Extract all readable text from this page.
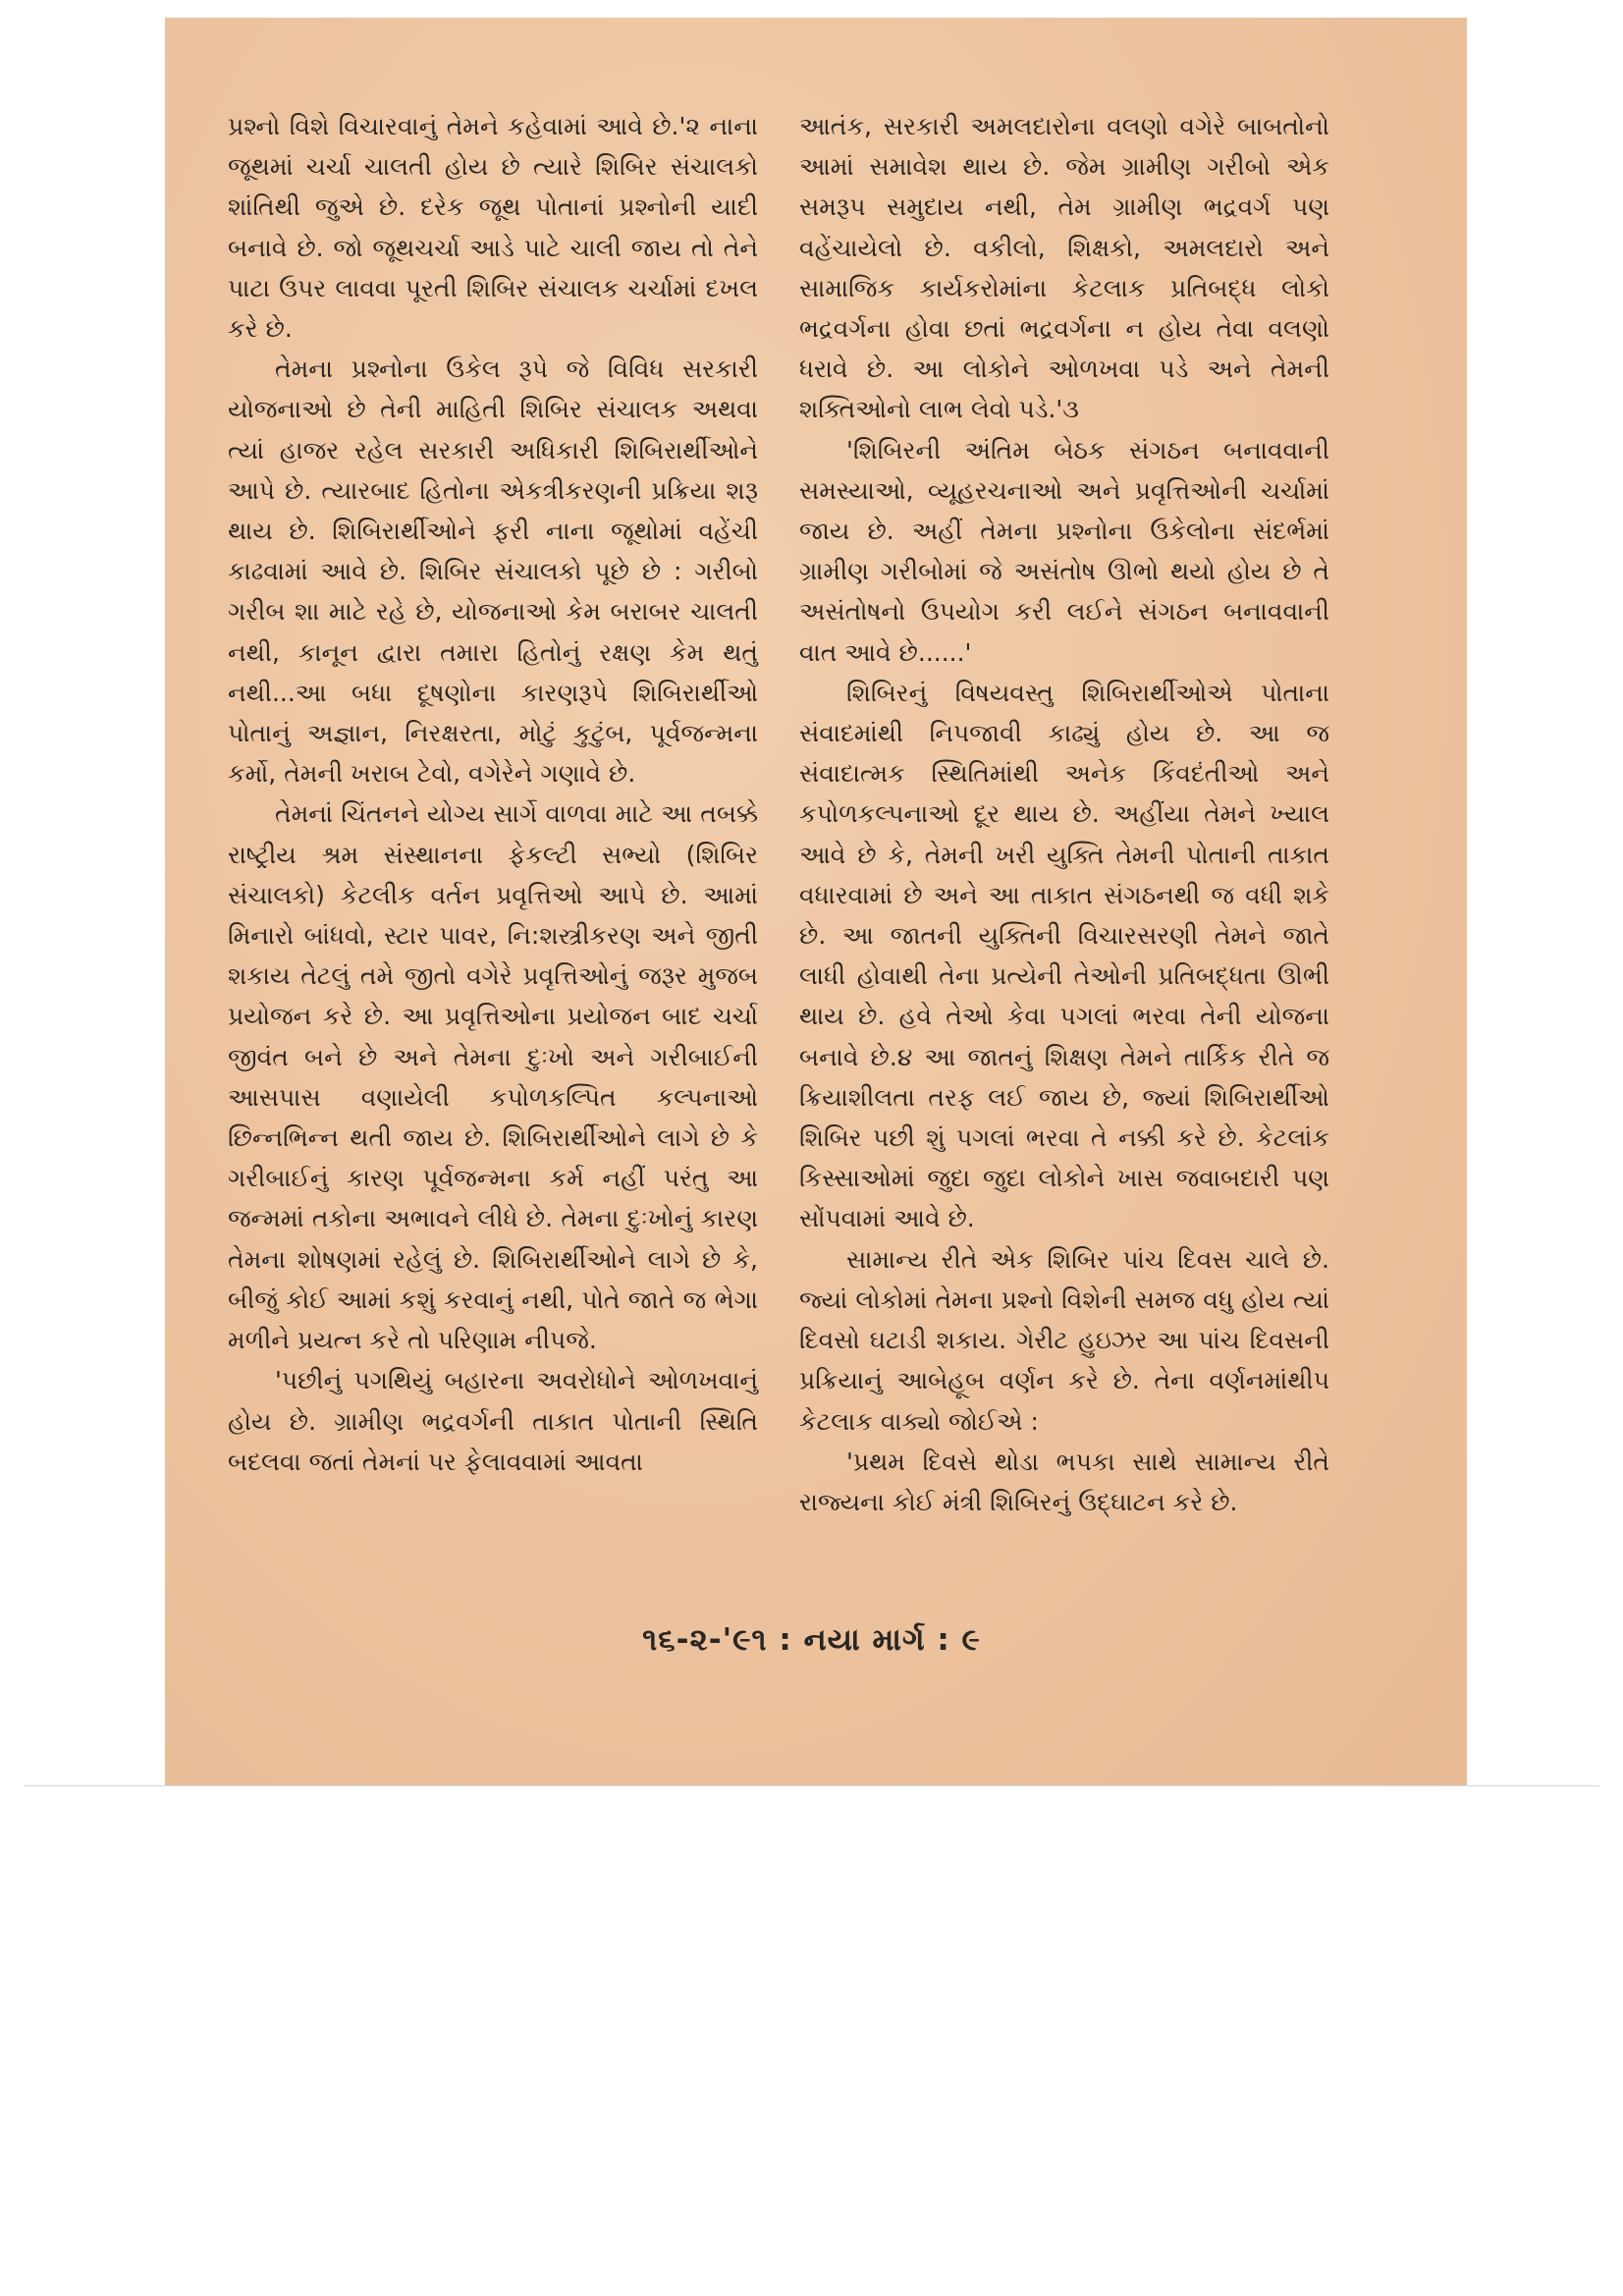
પ્રશ્નો વિશે વિચારવાનું તેમને કહેવામાં આવે છે.'૨ નાના જૂથમાં ચર્ચા ચાલતી હોય છે ત્યારે શિબિર સંચાલકો શાંતિથી જુએ છે. દરેક જૂથ પોતાનાં પ્રશ્નોની યાદી બનાવે છે. જો જૂથચર્ચા આડે પાટે ચાલી જાય તો તેને પાટા ઉપર લાવવા પૂરતી શિબિર સંચાલક ચર્ચામાં દખલ કરે છે.

તેમના પ્રશ્નોના ઉકેલ રૂપે જે વિવિધ સરકારી યોજનાઓ છે તેની માહિતી શિબિર સંચાલક અથવા ત્યાં હાજર રહેલ સરકારી અધિકારી શિબિરાર્થીઓને આપે છે. ત્યારબાદ હિતોના એકત્રીકરણની પ્રક્રિયા શરૂ થાય છે. શિબિરાર્થીઓને ફરી નાના જૂથોમાં વહેંચી કાઢવામાં આવે છે. શિબિર સંચાલકો પૂછે છે : ગરીબો ગરીબ શા માટે રહે છે, યોજનાઓ કેમ બરાબર ચાલતી નથી, કાનૂન દ્વારા તમારા હિતોનું રક્ષણ કેમ થતું નથી...આ બધા દૂષણોના કારણરૂપે શિબિરાર્થીઓ પોતાનું અજ્ઞાન, નિરક્ષરતા, મોટું કુટુંબ, પૂર્વજન્મના કર્મો, તેમની ખરાબ ટેવો, વગેરેને ગણાવે છે.

તેમનાં ચિંતનને યોગ્ય સાર્ગે વાળવા માટે આ તબક્કે રાષ્ટ્રીય શ્રમ સંસ્થાનના ફેકલ્ટી સભ્યો (શિબિર સંચાલકો) કેટલીક વર્તન પ્રવૃત્તિઓ આપે છે. આમાં મિનારો બાંધવો, સ્ટાર પાવર, નિ:શસ્ત્રીકરણ અને જીતી શકાય તેટલું તમે જીતો વગેરે પ્રવૃત્તિઓનું જરૂર મુજબ પ્રયોજન કરે છે. આ પ્રવૃત્તિઓના પ્રયોજન બાદ ચર્ચા જીવંત બને છે અને તેમના દુઃખો અને ગરીબાઈની આસપાસ વણાયેલી કપોળકલ્પિત કલ્પનાઓ છિન્નભિન્ન થતી જાય છે. શિબિરાર્થીઓને લાગે છે કે ગરીબાઈનું કારણ પૂર્વજન્મના કર્મ નહીં પરંતુ આ જન્મમાં તકોના અભાવને લીધે છે. તેમના દુઃખોનું કારણ તેમના શોષણમાં રહેલું છે. શિબિરાર્થીઓને લાગે છે કે, બીજું કોઈ આમાં કશું કરવાનું નથી, પોતે જાતે જ ભેગા મળીને પ્રયત્ન કરે તો પરિણામ નીપજે.

'પછીનું પગથિયું બહારના અવરોધોને ઓળખવાનું હોય છે. ગ્રામીણ ભદ્રવર્ગની તાકાત પોતાની સ્થિતિ બદલવા જતાં તેમનાં પર ફેલાવવામાં આવતા

આતંક, સરકારી અમલદારોના વલણો વગેરે બાબતોનો આમાં સમાવેશ થાય છે. જેમ ગ્રામીણ ગરીબો એક સમરૂપ સમુદાય નથી, તેમ ગ્રામીણ ભદ્રવર્ગ પણ વહેંચાયેલો છે. વકીલો, શિક્ષકો, અમલદારો અને સામાજિક કાર્યકરોમાંના કેટલાક પ્રતિબદ્ધ લોકો ભદ્રવર્ગના હોવા છતાં ભદ્રવર્ગના ન હોય તેવા વલણો ધરાવે છે. આ લોકોને ઓળખવા પડે અને તેમની શક્તિઓનો લાભ લેવો પડે.'૩

'શિબિરની અંતિમ બેઠક સંગઠન બનાવવાની સમસ્યાઓ, વ્યૂહરચનાઓ અને પ્રવૃત્તિઓની ચર્ચામાં જાય છે. અહીં તેમના પ્રશ્નોના ઉકેલોના સંદર્ભમાં ગ્રામીણ ગરીબોમાં જે અસંતોષ ઊભો થયો હોય છે તે અસંતોષનો ઉપયોગ કરી લઈને સંગઠન બનાવવાની વાત આવે છે......'

શિબિરનું વિષયવસ્તુ શિબિરાર્થીઓએ પોતાના સંવાદમાંથી નિપજાવી કાઢ્યું હોય છે. આ જ સંવાદાત્મક સ્થિતિમાંથી અનેક કિંવદંતીઓ અને કપોળકલ્પનાઓ દૂર થાય છે. અહીંયા તેમને ખ્યાલ આવે છે કે, તેમની ખરી યુક્તિ તેમની પોતાની તાકાત વધારવામાં છે અને આ તાકાત સંગઠનથી જ વધી શકે છે. આ જાતની યુક્તિની વિચારસરણી તેમને જાતે લાધી હોવાથી તેના પ્રત્યેની તેઓની પ્રતિબદ્ધતા ઊભી થાય છે. હવે તેઓ કેવા પગલાં ભરવા તેની યોજના બનાવે છે.૪ આ જાતનું શિક્ષણ તેમને તાર્કિક રીતે જ ક્રિયાશીલતા તરફ લઈ જાય છે, જ્યાં શિબિરાર્થીઓ શિબિર પછી શું પગલાં ભરવા તે નક્કી કરે છે. કેટલાંક કિસ્સાઓમાં જુદા જુદા લોકોને ખાસ જવાબદારી પણ સોંપવામાં આવે છે.

સામાન્ય રીતે એક શિબિર પાંચ દિવસ ચાલે છે. જ્યાં લોકોમાં તેમના પ્રશ્નો વિશેની સમજ વધુ હોય ત્યાં દિવસો ઘટાડી શકાય. ગેરીટ હુઇઝર આ પાંચ દિવસની પ્રક્રિયાનું આબેહૂબ વર્ણન કરે છે. તેના વર્ણનમાંથી૫ કેટલાક વાક્યો જોઈએ :

'પ્રથમ દિવસે થોડા ભપકા સાથે સામાન્ય રીતે રાજ્યના કોઈ મંત્રી શિબિરનું ઉદ્‌ઘાટન કરે છે.

૧૬-૨-'૯૧ : નયા માર્ગ : ૯
